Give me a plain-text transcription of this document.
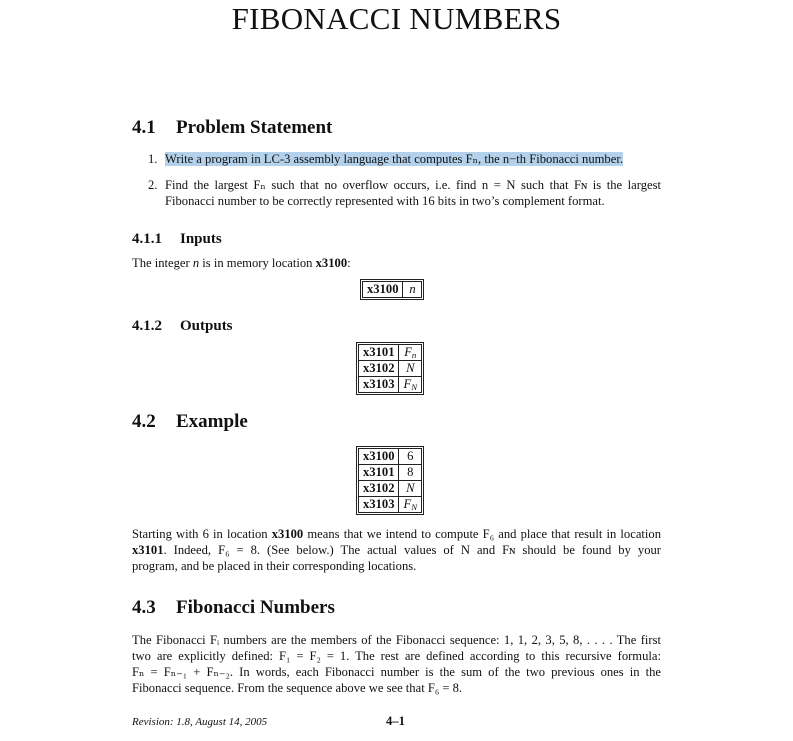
FIBONACCI NUMBERS
4.1 Problem Statement
1. Write a program in LC-3 assembly language that computes Fₙ, the n−th Fibonacci number.
2. Find the largest Fₙ such that no overflow occurs, i.e. find n = N such that Fɴ is the largest
Fibonacci number to be correctly represented with 16 bits in two’s complement format.
4.1.1 Inputs
The integer n is in memory location x3100:
x3100	n
4.1.2 Outputs
x3101	$F_n$
x3102	N
x3103	$F_N$
4.2 Example
x3100	6
x3101	8
x3102	N
x3103	$F_N$
Starting with 6 in location x3100 means that we intend to compute F₆ and place that result in location
x3101. Indeed, F₆ = 8. (See below.) The actual values of N and Fɴ should be found by your
program, and be placed in their corresponding locations.
4.3 Fibonacci Numbers
The Fibonacci Fᵢ numbers are the members of the Fibonacci sequence: 1, 1, 2, 3, 5, 8, . . . . The first
two are explicitly defined: F₁ = F₂ = 1. The rest are defined according to this recursive formula:
Fₙ = Fₙ₋₁ + Fₙ₋₂. In words, each Fibonacci number is the sum of the two previous ones in the
Fibonacci sequence. From the sequence above we see that F₆ = 8.
Revision: 1.8, August 14, 2005	4–1
